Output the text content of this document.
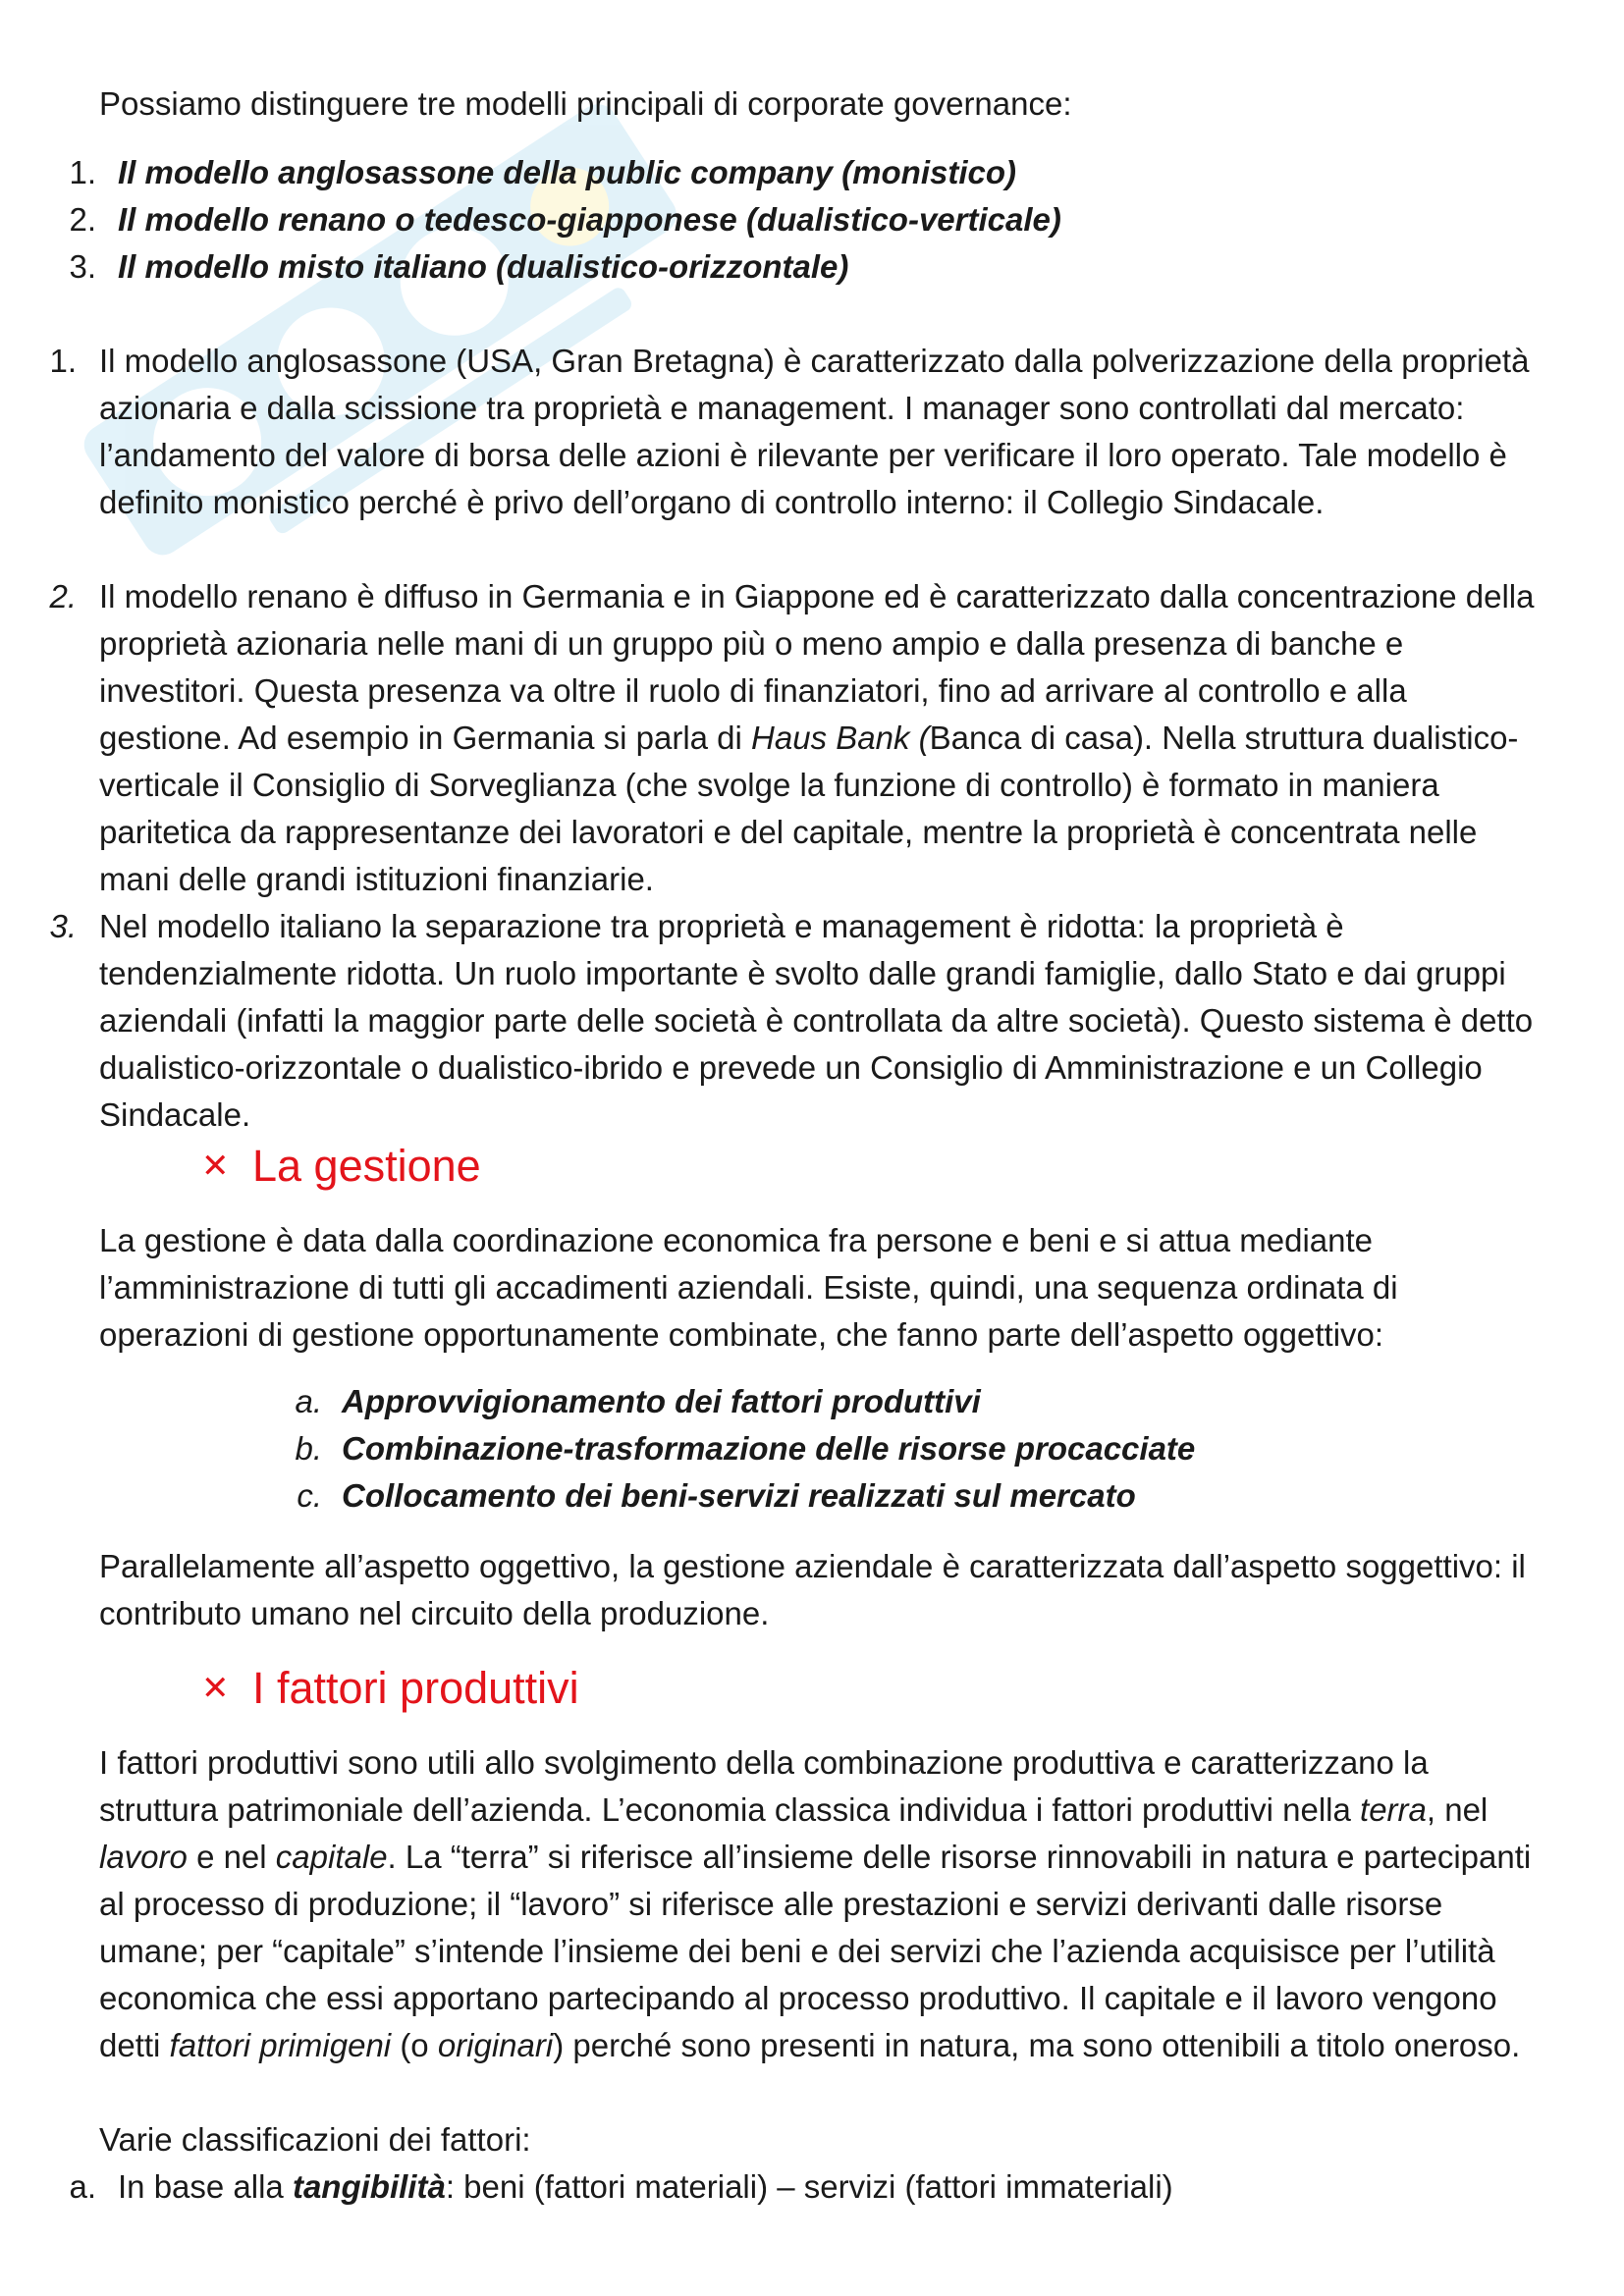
Possiamo distinguere tre modelli principali di corporate governance:
1. Il modello anglosassone della public company (monistico)
2. Il modello renano o tedesco-giapponese (dualistico-verticale)
3. Il modello misto italiano (dualistico-orizzontale)
1. Il modello anglosassone (USA, Gran Bretagna) è caratterizzato dalla polverizzazione della proprietà azionaria e dalla scissione tra proprietà e management. I manager sono controllati dal mercato: l’andamento del valore di borsa delle azioni è rilevante per verificare il loro operato. Tale modello è definito monistico perché è privo dell’organo di controllo interno: il Collegio Sindacale.
2. Il modello renano è diffuso in Germania e in Giappone ed è caratterizzato dalla concentrazione della proprietà azionaria nelle mani di un gruppo più o meno ampio e dalla presenza di banche e investitori. Questa presenza va oltre il ruolo di finanziatori, fino ad arrivare al controllo e alla gestione. Ad esempio in Germania si parla di Haus Bank (Banca di casa). Nella struttura dualistico-verticale il Consiglio di Sorveglianza (che svolge la funzione di controllo) è formato in maniera paritetica da rappresentanze dei lavoratori e del capitale, mentre la proprietà è concentrata nelle mani delle grandi istituzioni finanziarie.
3. Nel modello italiano la separazione tra proprietà e management è ridotta: la proprietà è tendenzialmente ridotta. Un ruolo importante è svolto dalle grandi famiglie, dallo Stato e dai gruppi aziendali (infatti la maggior parte delle società è controllata da altre società). Questo sistema è detto dualistico-orizzontale o dualistico-ibrido e prevede un Consiglio di Amministrazione e un Collegio Sindacale.
✕ La gestione
La gestione è data dalla coordinazione economica fra persone e beni e si attua mediante l’amministrazione di tutti gli accadimenti aziendali. Esiste, quindi, una sequenza ordinata di operazioni di gestione opportunamente combinate, che fanno parte dell’aspetto oggettivo:
a. Approvvigionamento dei fattori produttivi
b. Combinazione-trasformazione delle risorse procacciate
c. Collocamento dei beni-servizi realizzati sul mercato
Parallelamente all’aspetto oggettivo, la gestione aziendale è caratterizzata dall’aspetto soggettivo: il contributo umano nel circuito della produzione.
✕ I fattori produttivi
I fattori produttivi sono utili allo svolgimento della combinazione produttiva e caratterizzano la struttura patrimoniale dell’azienda. L’economia classica individua i fattori produttivi nella terra, nel lavoro e nel capitale. La “terra” si riferisce all’insieme delle risorse rinnovabili in natura e partecipanti al processo di produzione; il “lavoro” si riferisce alle prestazioni e servizi derivanti dalle risorse umane; per “capitale” s’intende l’insieme dei beni e dei servizi che l’azienda acquisisce per l’utilità economica che essi apportano partecipando al processo produttivo. Il capitale e il lavoro vengono detti fattori primigeni (o originari) perché sono presenti in natura, ma sono ottenibili a titolo oneroso.
Varie classificazioni dei fattori:
a. In base alla tangibilità: beni (fattori materiali) – servizi (fattori immateriali)
